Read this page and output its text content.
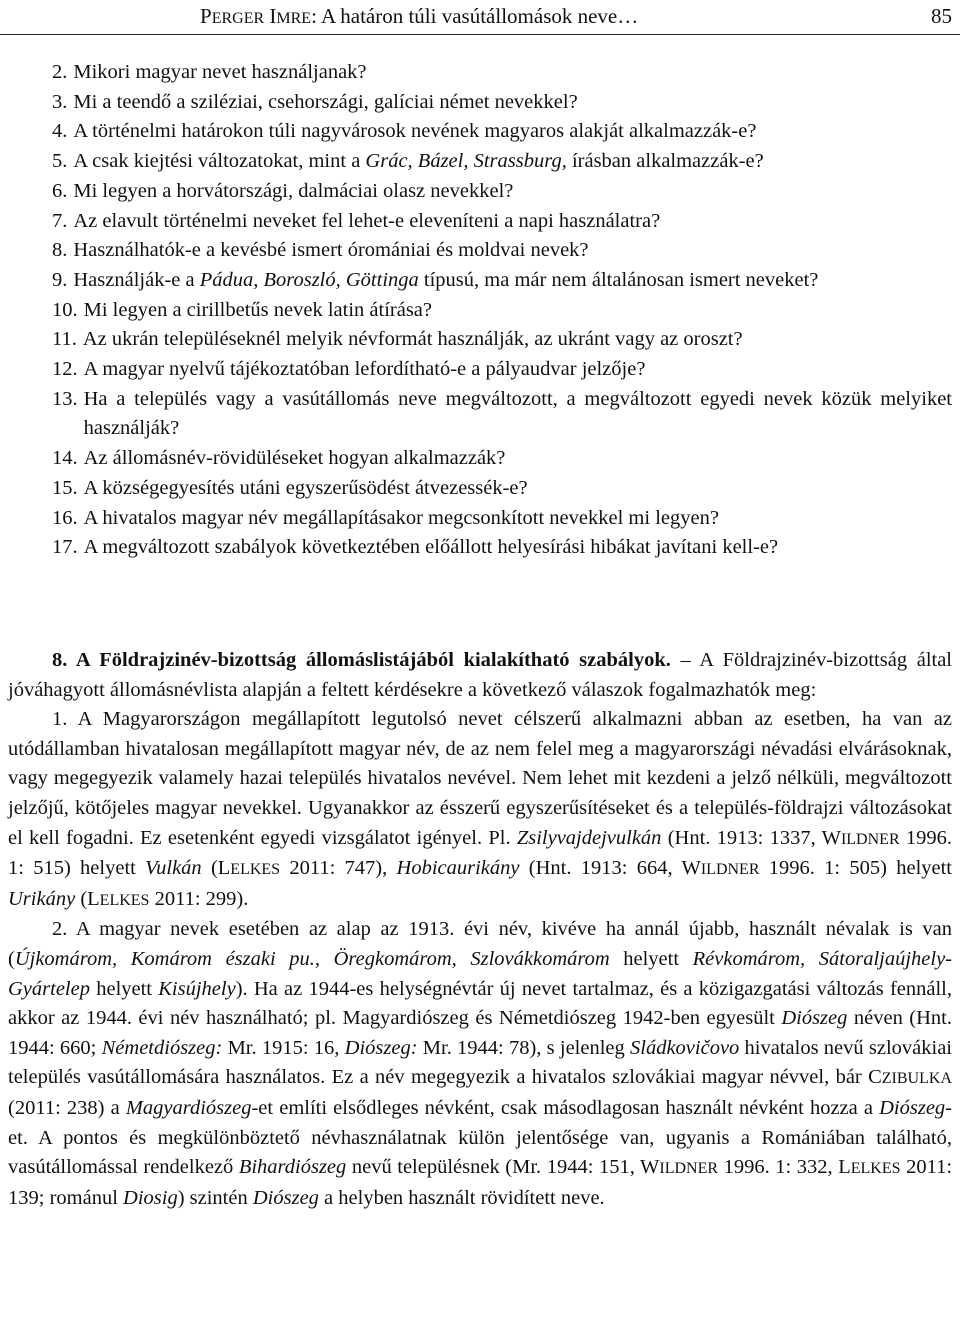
PERGER IMRE: A határon túli vasútállomások neve…	85
2. Mikori magyar nevet használjanak?
3. Mi a teendő a sziléziai, csehországi, galíciai német nevekkel?
4. A történelmi határokon túli nagyvárosok nevének magyaros alakját alkalmazzák-e?
5. A csak kiejtési változatokat, mint a Grác, Bázel, Strassburg, írásban alkalmazzák-e?
6. Mi legyen a horvátországi, dalmáciai olasz nevekkel?
7. Az elavult történelmi neveket fel lehet-e eleveníteni a napi használatra?
8. Használhatók-e a kevésbé ismert óromániai és moldvai nevek?
9. Használják-e a Pádua, Boroszló, Göttinga típusú, ma már nem általánosan ismert neveket?
10. Mi legyen a cirillbetűs nevek latin átírása?
11. Az ukrán településeknél melyik névformát használják, az ukránt vagy az oroszt?
12. A magyar nyelvű tájékoztatóban lefordítható-e a pályaudvar jelzője?
13. Ha a település vagy a vasútállomás neve megváltozott, a megváltozott egyedi nevek közük melyiket használják?
14. Az állomásnév-rövidüléseket hogyan alkalmazzák?
15. A községegyesítés utáni egyszerűsödést átvezessék-e?
16. A hivatalos magyar név megállapításakor megcsonkított nevekkel mi legyen?
17. A megváltozott szabályok következtében előállott helyesírási hibákat javítani kell-e?

8. A Földrajzinév-bizottság állomáslistájából kialakítható szabályok. – A Földrajzinév-bizottság által jóváhagyott állomásnévlista alapján a feltett kérdésekre a következő válaszok fogalmazhatók meg:

1. A Magyarországon megállapított legutolsó nevet célszerű alkalmazni abban az esetben, ha van az utódállamban hivatalosan megállapított magyar név, de az nem felel meg a magyarországi névadási elvárásoknak, vagy megegyezik valamely hazai település hivatalos nevével. Nem lehet mit kezdeni a jelző nélküli, megváltozott jelzőjű, kötőjeles magyar nevekkel. Ugyanakkor az ésszerű egyszerűsítéseket és a település-földrajzi változásokat el kell fogadni. Ez esetenként egyedi vizsgálatot igényel. Pl. Zsilyvajdejvulkán (Hnt. 1913: 1337, WILDNER 1996. 1: 515) helyett Vulkán (LELKES 2011: 747), Hobicaurikány (Hnt. 1913: 664, WILDNER 1996. 1: 505) helyett Urikány (LELKES 2011: 299).

2. A magyar nevek esetében az alap az 1913. évi név, kivéve ha annál újabb, használt névalak is van (Újkomárom, Komárom északi pu., Öregkomárom, Szlovákkomárom helyett Révkomárom, Sátoraljaújhely-Gyártelep helyett Kisújhely). Ha az 1944-es helységnévtár új nevet tartalmaz, és a közigazgatási változás fennáll, akkor az 1944. évi név használható; pl. Magyardiószeg és Németdiószeg 1942-ben egyesült Diószeg néven (Hnt. 1944: 660; Németdiószeg: Mr. 1915: 16, Diószeg: Mr. 1944: 78), s jelenleg Sládkovičovo hivatalos nevű szlovákiai település vasútállomására használatos. Ez a név megegyezik a hivatalos szlovákiai magyar névvel, bár CZIBULKA (2011: 238) a Magyardiószeg-et említi elsődleges névként, csak másodlagosan használt névként hozza a Diószeg-et. A pontos és megkülönböztető névhasználatnak külön jelentősége van, ugyanis a Romániában található, vasútállomással rendelkező Bihardiószeg nevű településnek (Mr. 1944: 151, WILDNER 1996. 1: 332, LELKES 2011: 139; románul Diosig) szintén Diószeg a helyben használt rövidített neve.
